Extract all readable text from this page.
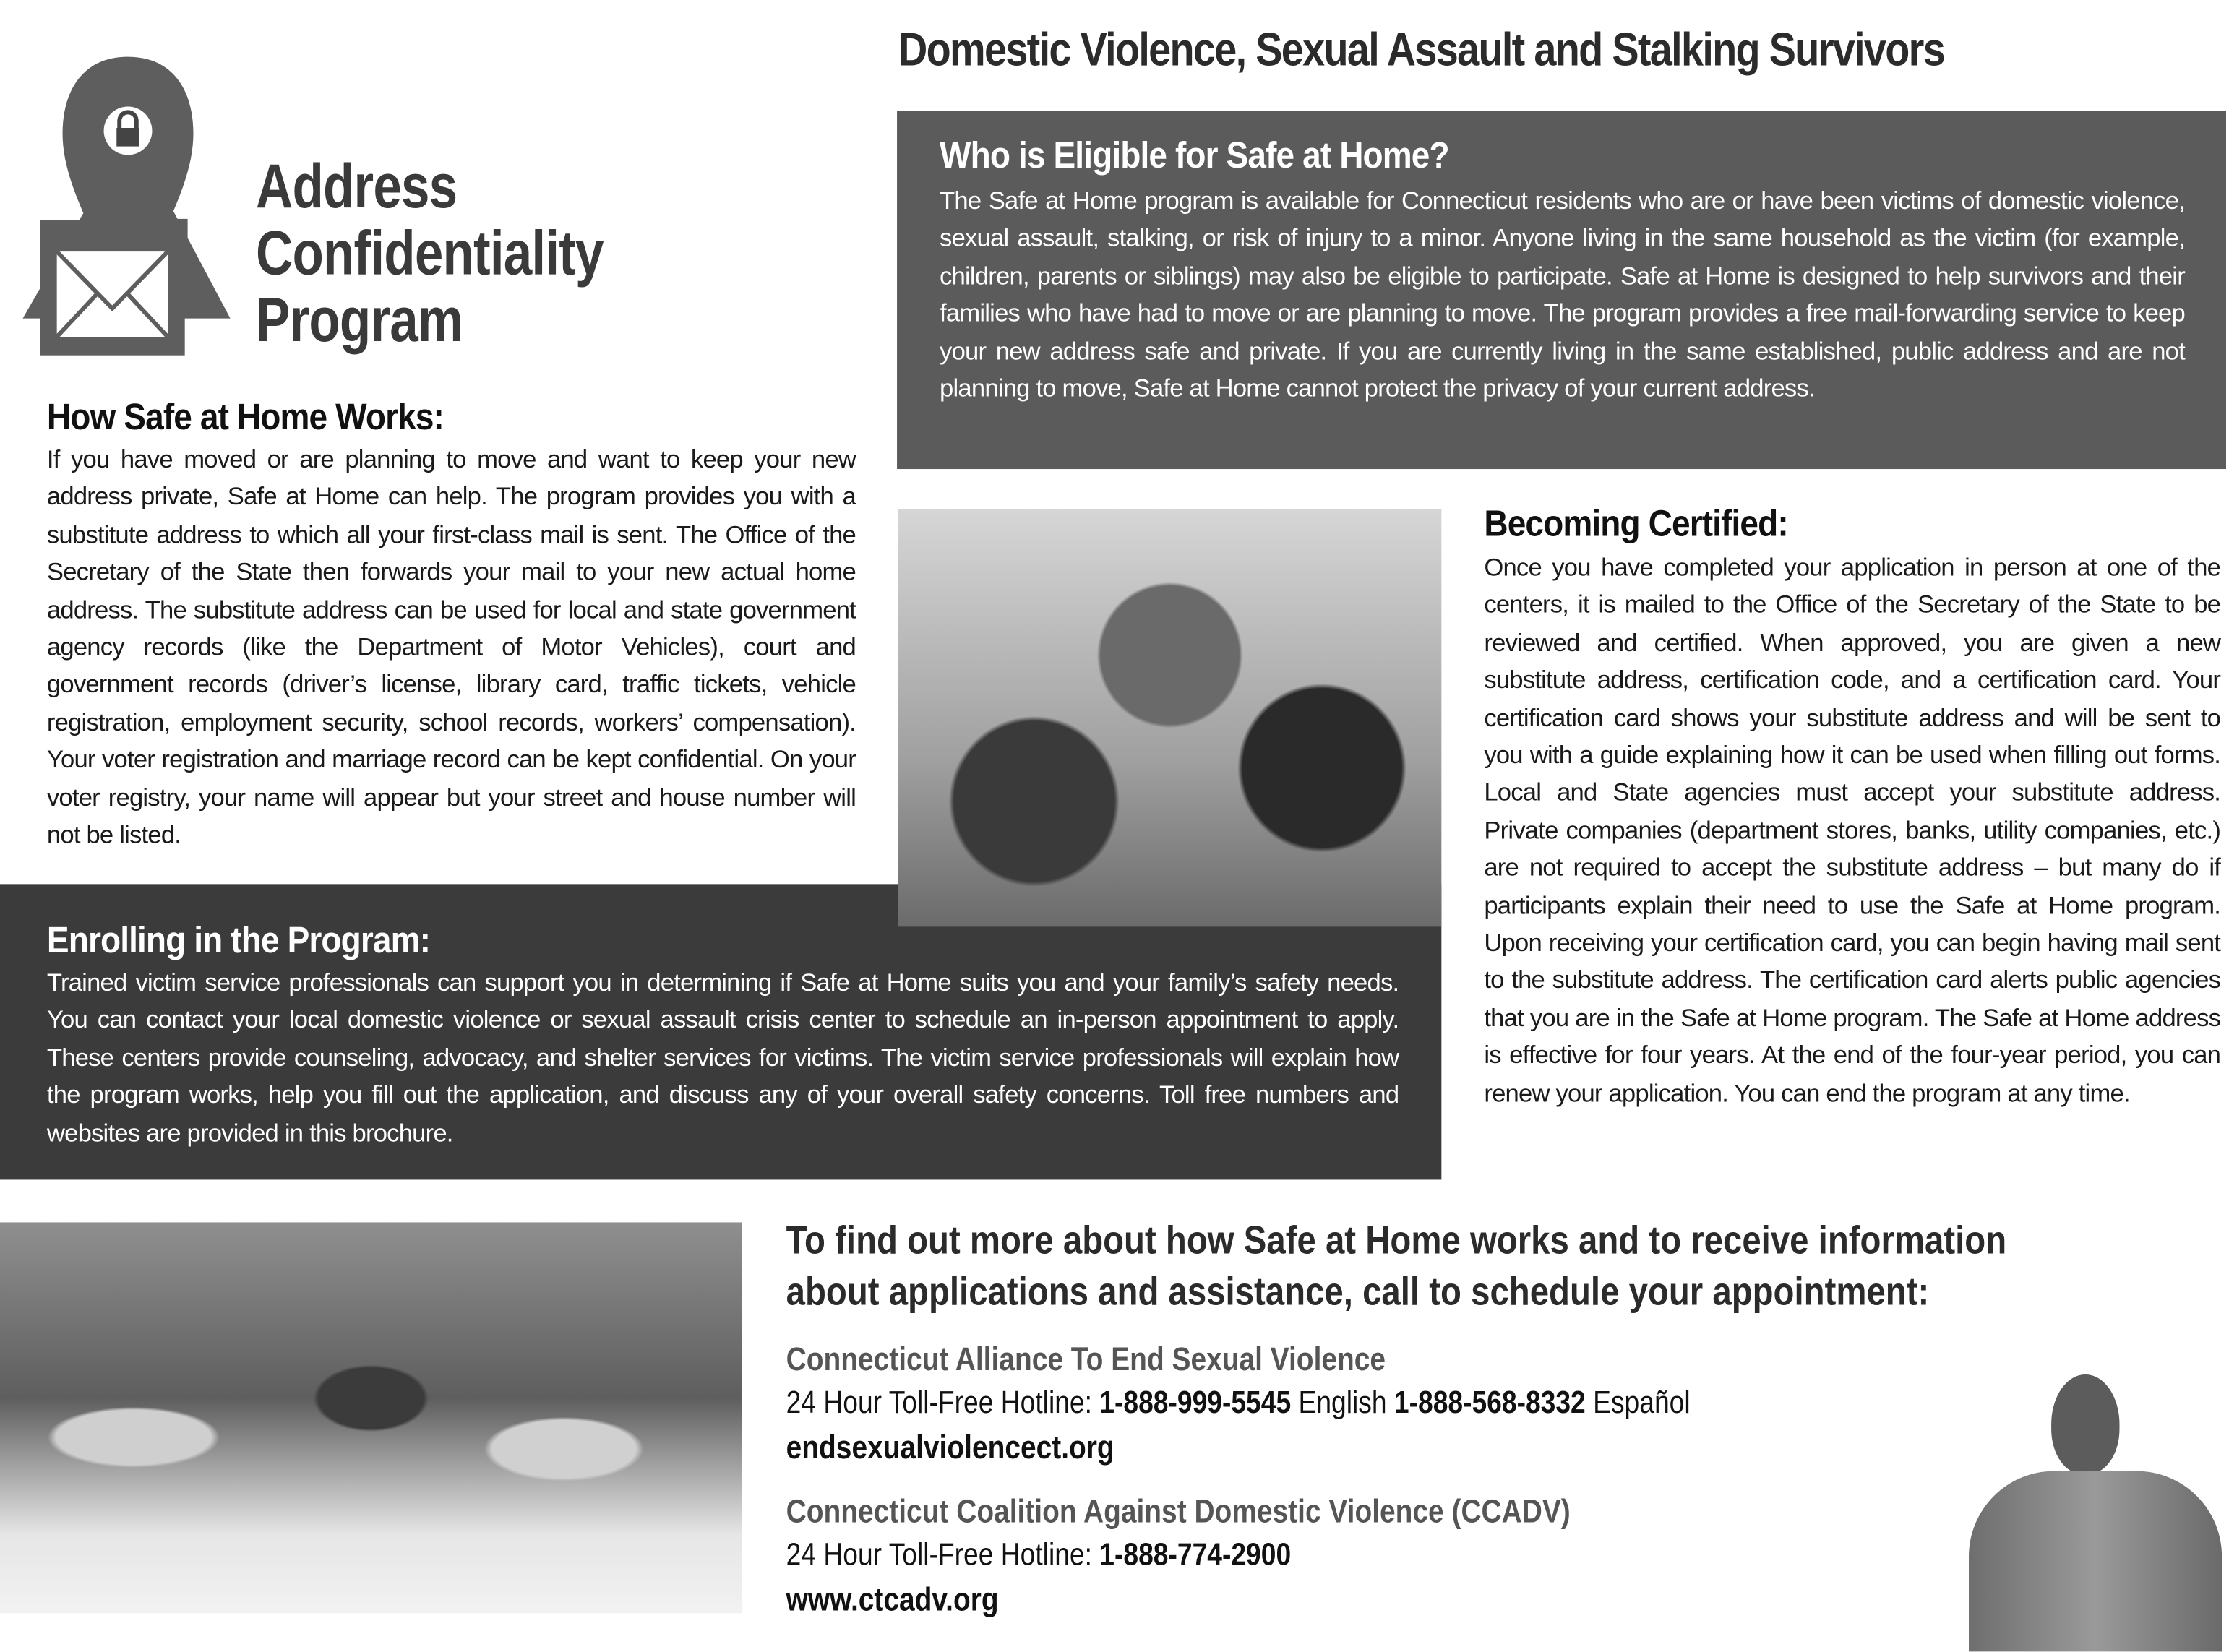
Address
Confidentiality
Program
Domestic Violence, Sexual Assault and Stalking Survivors
Who is Eligible for Safe at Home?

The Safe at Home program is available for Connecticut residents who are or have been victims of domestic violence, sexual assault, stalking, or risk of injury to a minor. Anyone living in the same household as the victim (for example, children, parents or siblings) may also be eligible to participate. Safe at Home is designed to help survivors and their families who have had to move or are planning to move. The program provides a free mail-forwarding service to keep your new address safe and private. If you are currently living in the same established, public address and are not planning to move, Safe at Home cannot protect the privacy of your current address.

How Safe at Home Works:

If you have moved or are planning to move and want to keep your new address private, Safe at Home can help. The program provides you with a substitute address to which all your first-class mail is sent. The Office of the Secretary of the State then forwards your mail to your new actual home address. The substitute address can be used for local and state government agency records (like the Department of Motor Vehicles), court and government records (driver’s license, library card, traffic tickets, vehicle registration, employment security, school records, workers’ compensation). Your voter registration and marriage record can be kept confidential. On your voter registry, your name will appear but your street and house number will not be listed.

Enrolling in the Program:

Trained victim service professionals can support you in determining if Safe at Home suits you and your family’s safety needs. You can contact your local domestic violence or sexual assault crisis center to schedule an in-person appointment to apply. These centers provide counseling, advocacy, and shelter services for victims. The victim service professionals will explain how the program works, help you fill out the application, and discuss any of your overall safety concerns. Toll free numbers and websites are provided in this brochure.

Becoming Certified:

Once you have completed your application in person at one of the centers, it is mailed to the Office of the Secretary of the State to be reviewed and certified. When approved, you are given a new substitute address, certification code, and a certification card. Your certification card shows your substitute address and will be sent to you with a guide explaining how it can be used when filling out forms. Local and State agencies must accept your substitute address. Private companies (department stores, banks, utility companies, etc.) are not required to accept the substitute address – but many do if participants explain their need to use the Safe at Home program. Upon receiving your certification card, you can begin having mail sent to the substitute address. The certification card alerts public agencies that you are in the Safe at Home program. The Safe at Home address is effective for four years. At the end of the four-year period, you can renew your application. You can end the program at any time.

To find out more about how Safe at Home works and to receive information
about applications and assistance, call to schedule your appointment:
Connecticut Alliance To End Sexual Violence
24 Hour Toll-Free Hotline: 1-888-999-5545 English 1-888-568-8332 Español
endsexualviolencect.org
Connecticut Coalition Against Domestic Violence (CCADV)
24 Hour Toll-Free Hotline: 1-888-774-2900
www.ctcadv.org
